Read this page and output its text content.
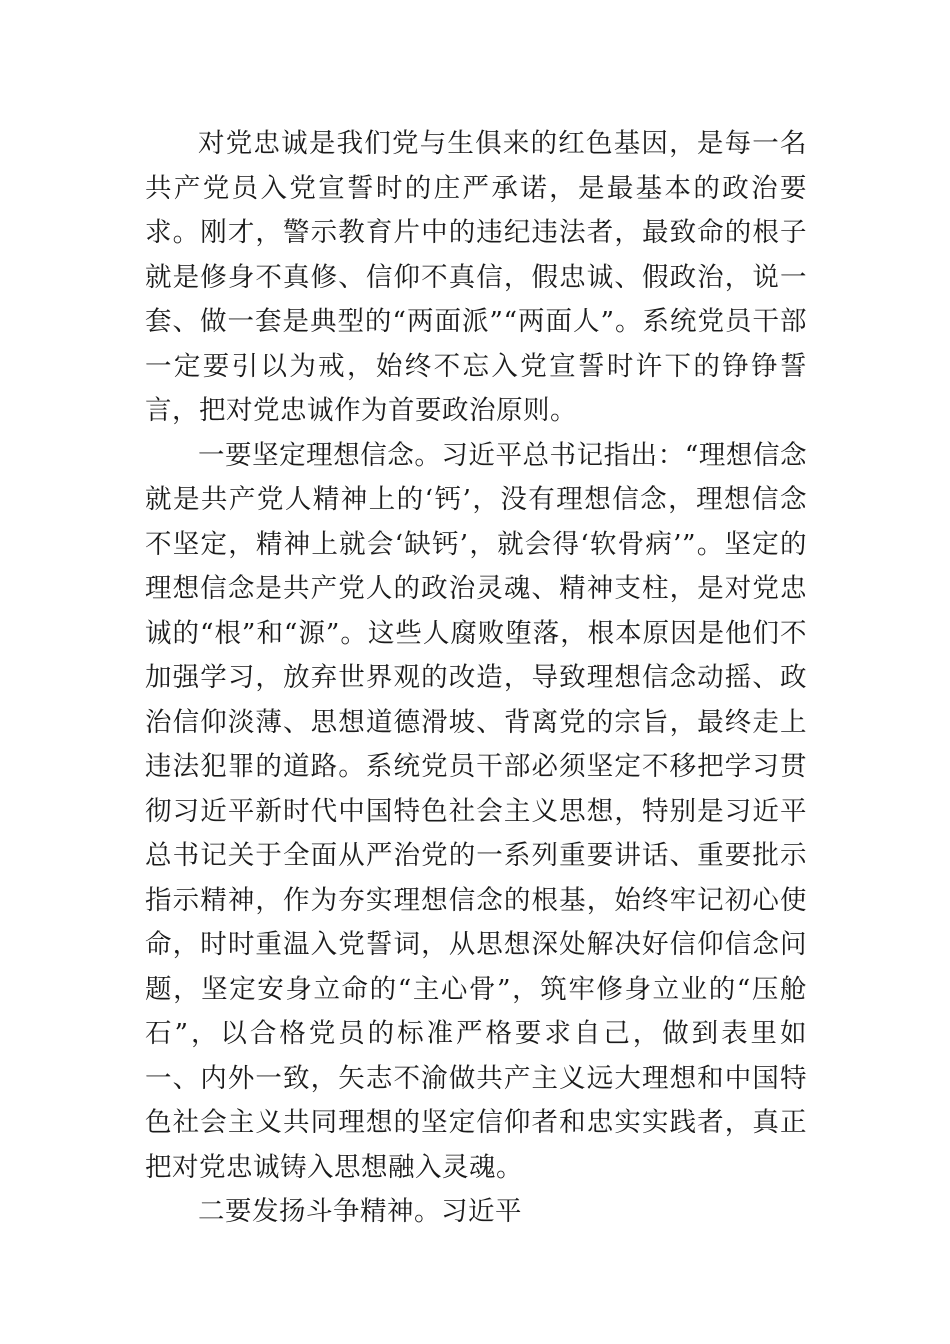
对党忠诚是我们党与生俱来的红色基因，是每一名共产党员入党宣誓时的庄严承诺，是最基本的政治要求。刚才，警示教育片中的违纪违法者，最致命的根子就是修身不真修、信仰不真信，假忠诚、假政治，说一套、做一套是典型的“两面派”“两面人”。系统党员干部一定要引以为戒，始终不忘入党宣誓时许下的铮铮誓言，把对党忠诚作为首要政治原则。

一要坚定理想信念。习近平总书记指出：“理想信念就是共产党人精神上的‘钙’，没有理想信念，理想信念不坚定，精神上就会‘缺钙’，就会得‘软骨病’”。坚定的理想信念是共产党人的政治灵魂、精神支柱，是对党忠诚的“根”和“源”。这些人腐败堕落，根本原因是他们不加强学习，放弃世界观的改造，导致理想信念动摇、政治信仰淡薄、思想道德滑坡、背离党的宗旨，最终走上违法犯罪的道路。系统党员干部必须坚定不移把学习贯彻习近平新时代中国特色社会主义思想，特别是习近平总书记关于全面从严治党的一系列重要讲话、重要批示指示精神，作为夯实理想信念的根基，始终牢记初心使命，时时重温入党誓词，从思想深处解决好信仰信念问题，坚定安身立命的“主心骨”，筑牢修身立业的“压舱石”，以合格党员的标准严格要求自己，做到表里如一、内外一致，矢志不渝做共产主义远大理想和中国特色社会主义共同理想的坚定信仰者和忠实实践者，真正把对党忠诚铸入思想融入灵魂。

二要发扬斗争精神。习近平
